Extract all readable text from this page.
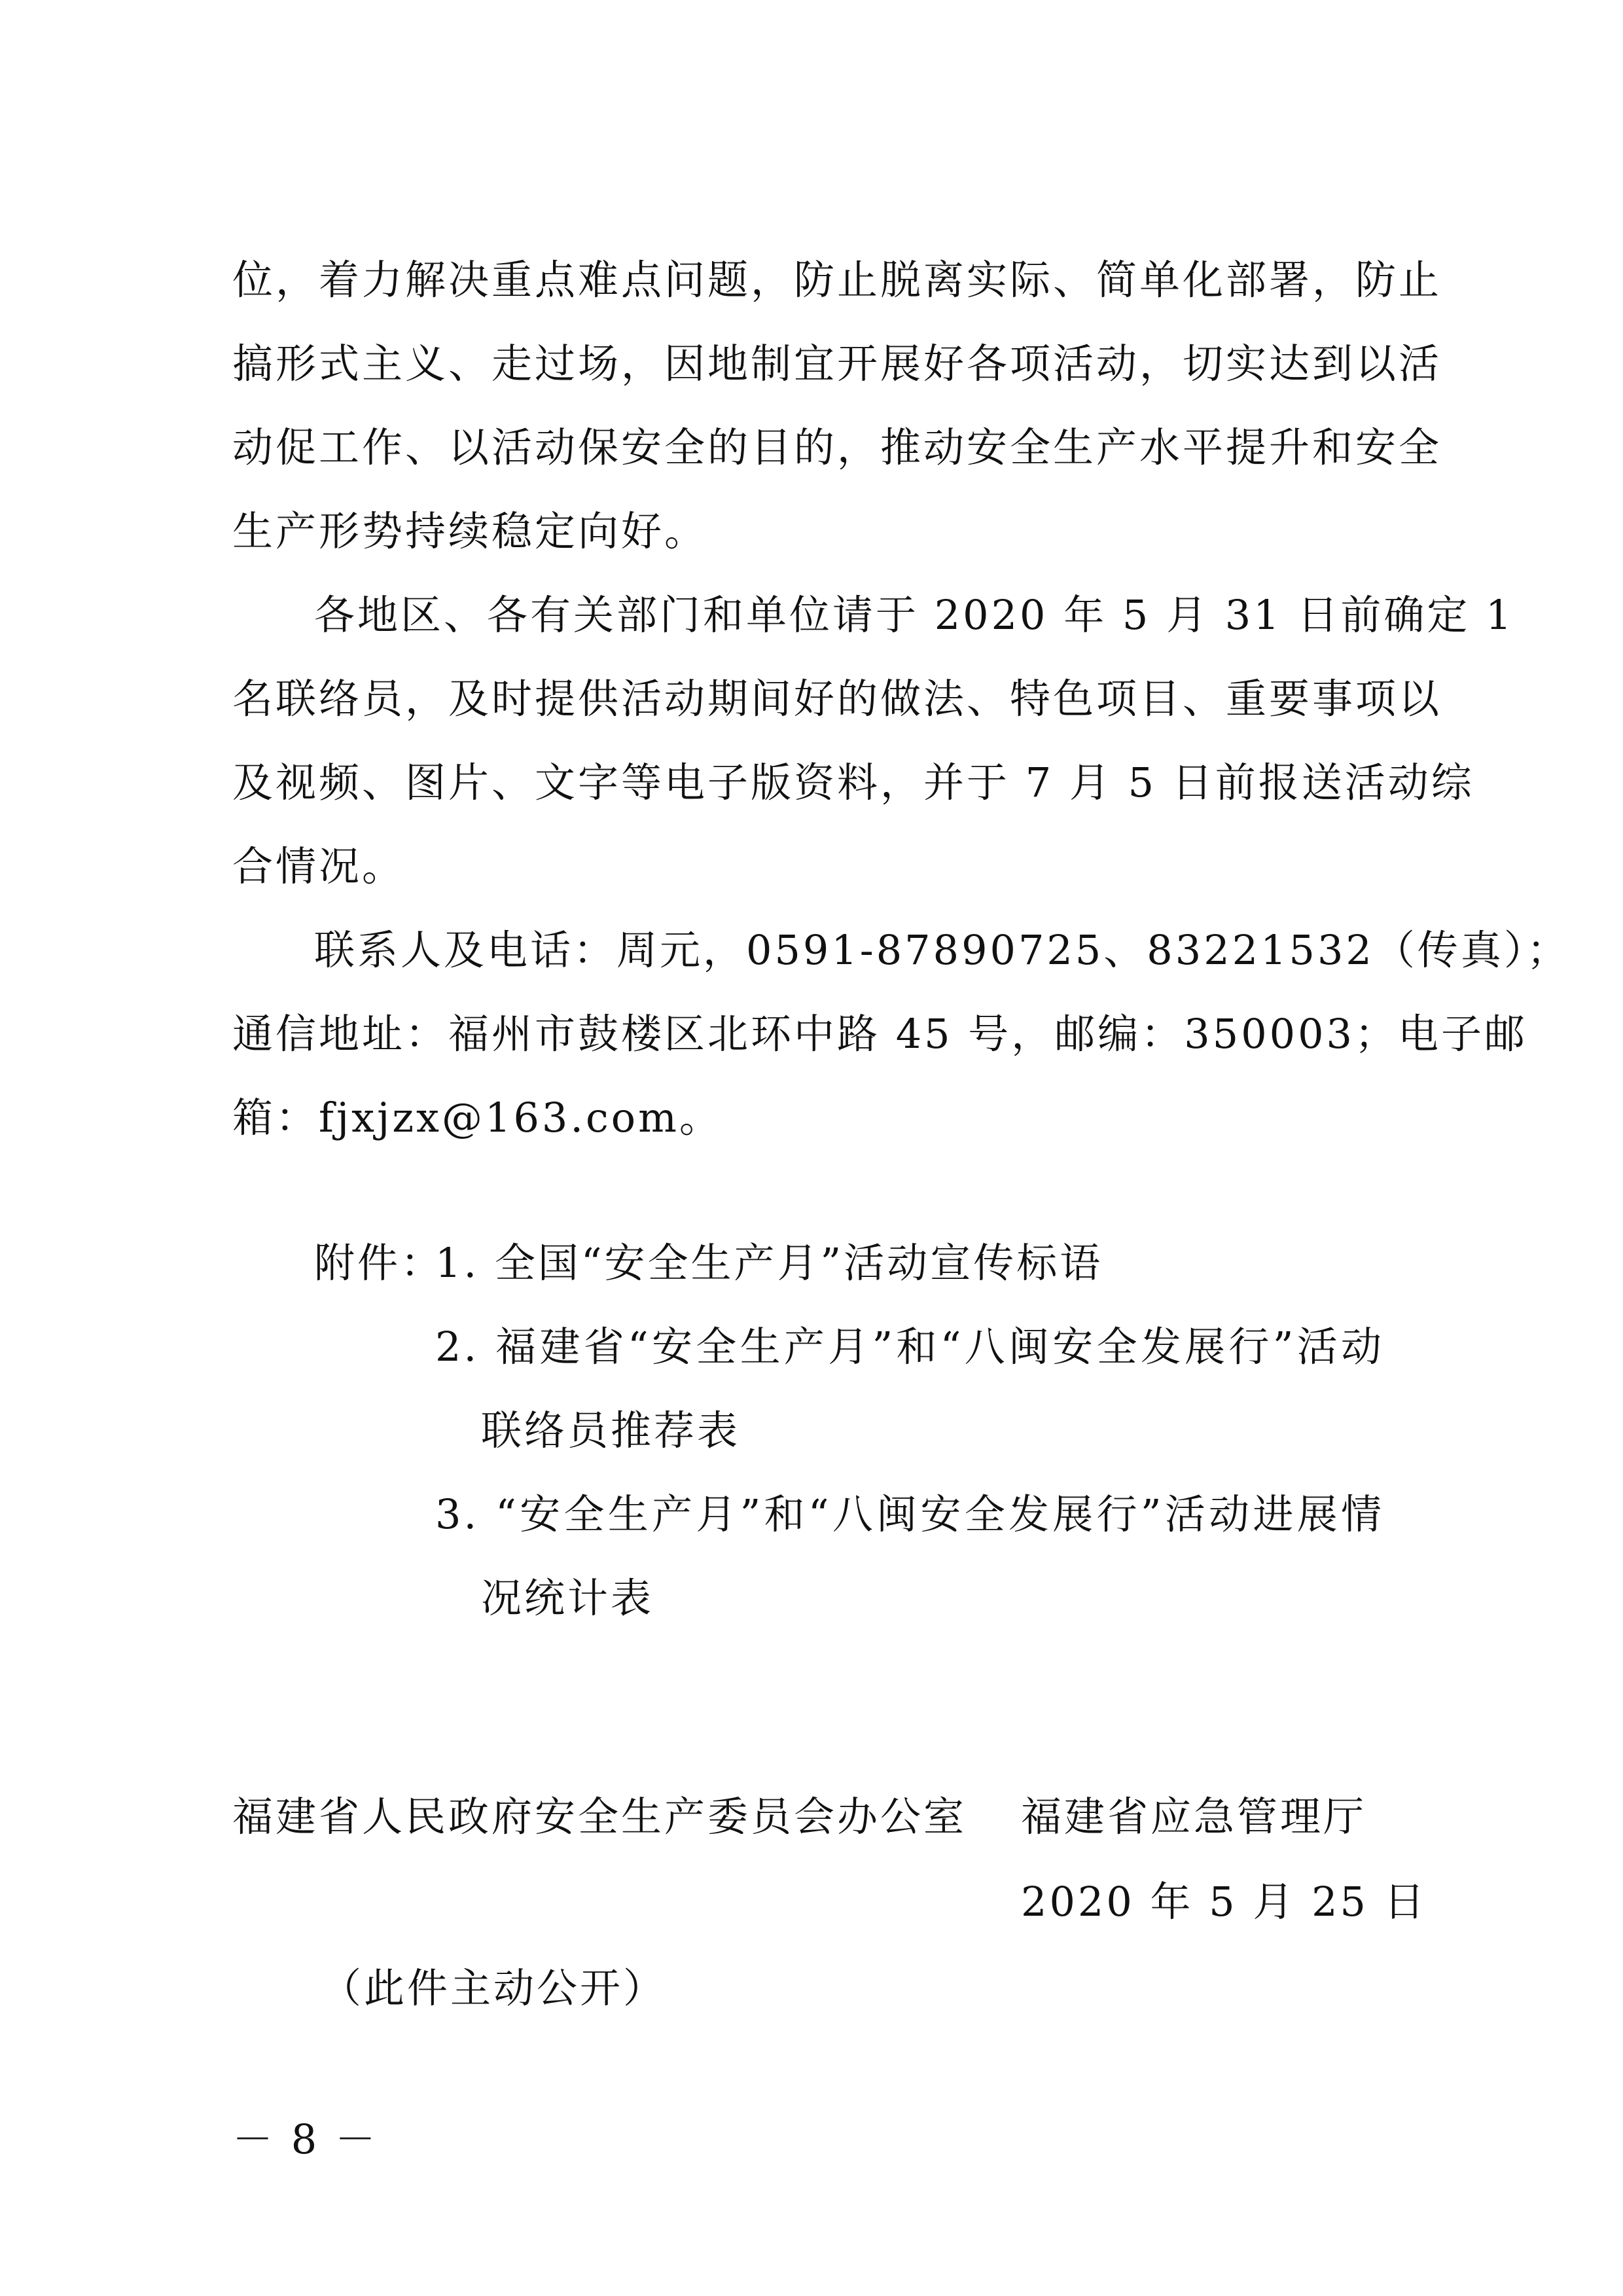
位，着力解决重点难点问题，防止脱离实际、简单化部署，防止
搞形式主义、走过场，因地制宜开展好各项活动，切实达到以活
动促工作、以活动保安全的目的，推动安全生产水平提升和安全
生产形势持续稳定向好。
各地区、各有关部门和单位请于 2020 年 5 月 31 日前确定 1
名联络员，及时提供活动期间好的做法、特色项目、重要事项以
及视频、图片、文字等电子版资料，并于 7 月 5 日前报送活动综
合情况。
联系人及电话：周元，0591-87890725、83221532（传真）；
通信地址：福州市鼓楼区北环中路 45 号，邮编：350003；电子邮
箱：fjxjzx@163.com。
附件：
1. 全国“安全生产月”活动宣传标语
2. 福建省“安全生产月”和“八闽安全发展行”活动
联络员推荐表
3. “安全生产月”和“八闽安全发展行”活动进展情
况统计表
福建省人民政府安全生产委员会办公室 福建省应急管理厅
2020 年 5 月 25 日
（此件主动公开）
－ 8 －
